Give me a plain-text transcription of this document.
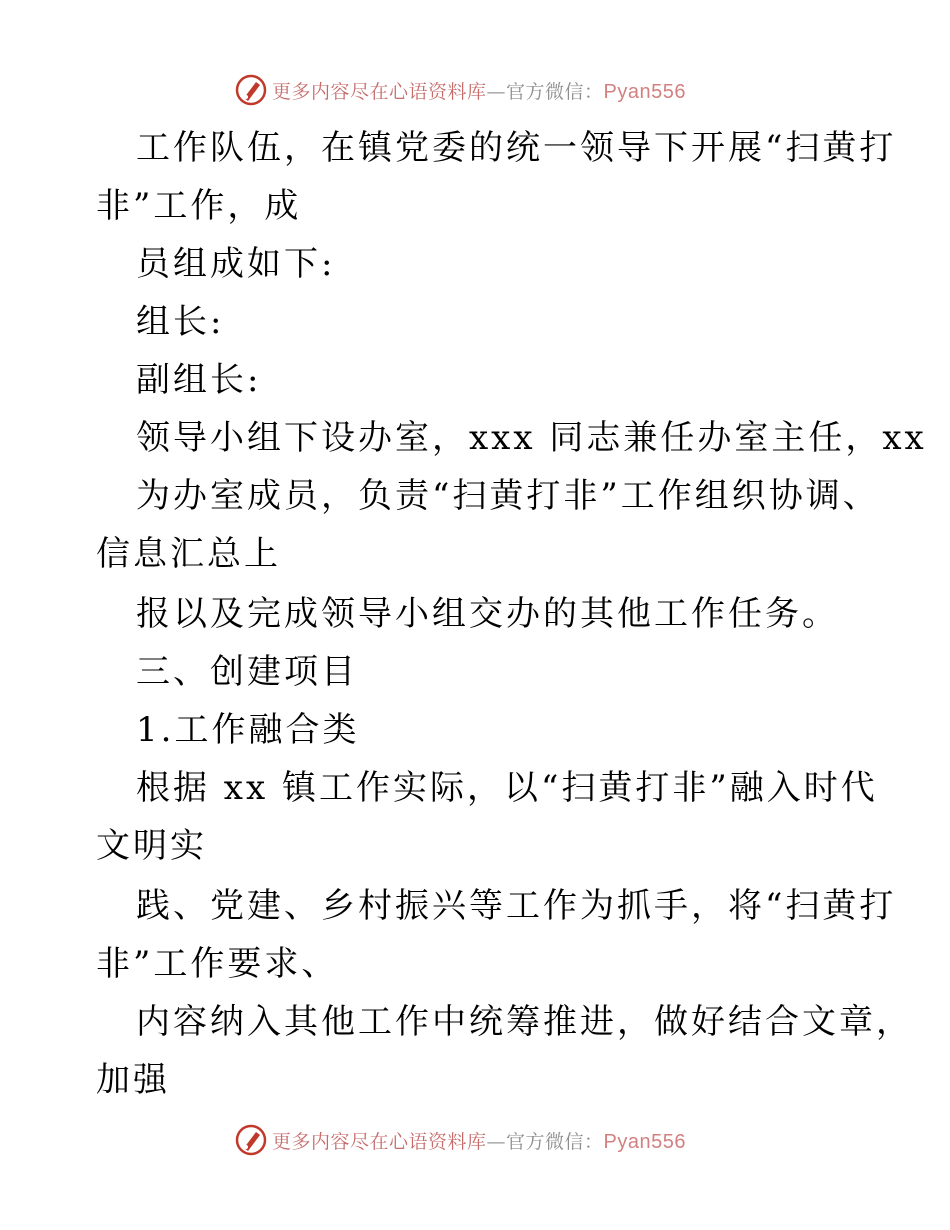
更多内容尽在心语资料库—官方微信：Pyan556
工作队伍，在镇党委的统一领导下开展“扫黄打
非”工作，成
员组成如下:
组长:
副组长:
领导小组下设办室，xxx 同志兼任办室主任，xx
为办室成员，负责“扫黄打非”工作组织协调、
信息汇总上
报以及完成领导小组交办的其他工作任务。
三、创建项目
1.工作融合类
根据 xx 镇工作实际，以“扫黄打非”融入时代
文明实
践、党建、乡村振兴等工作为抓手，将“扫黄打
非”工作要求、
内容纳入其他工作中统筹推进，做好结合文章，
加强
更多内容尽在心语资料库—官方微信：Pyan556
